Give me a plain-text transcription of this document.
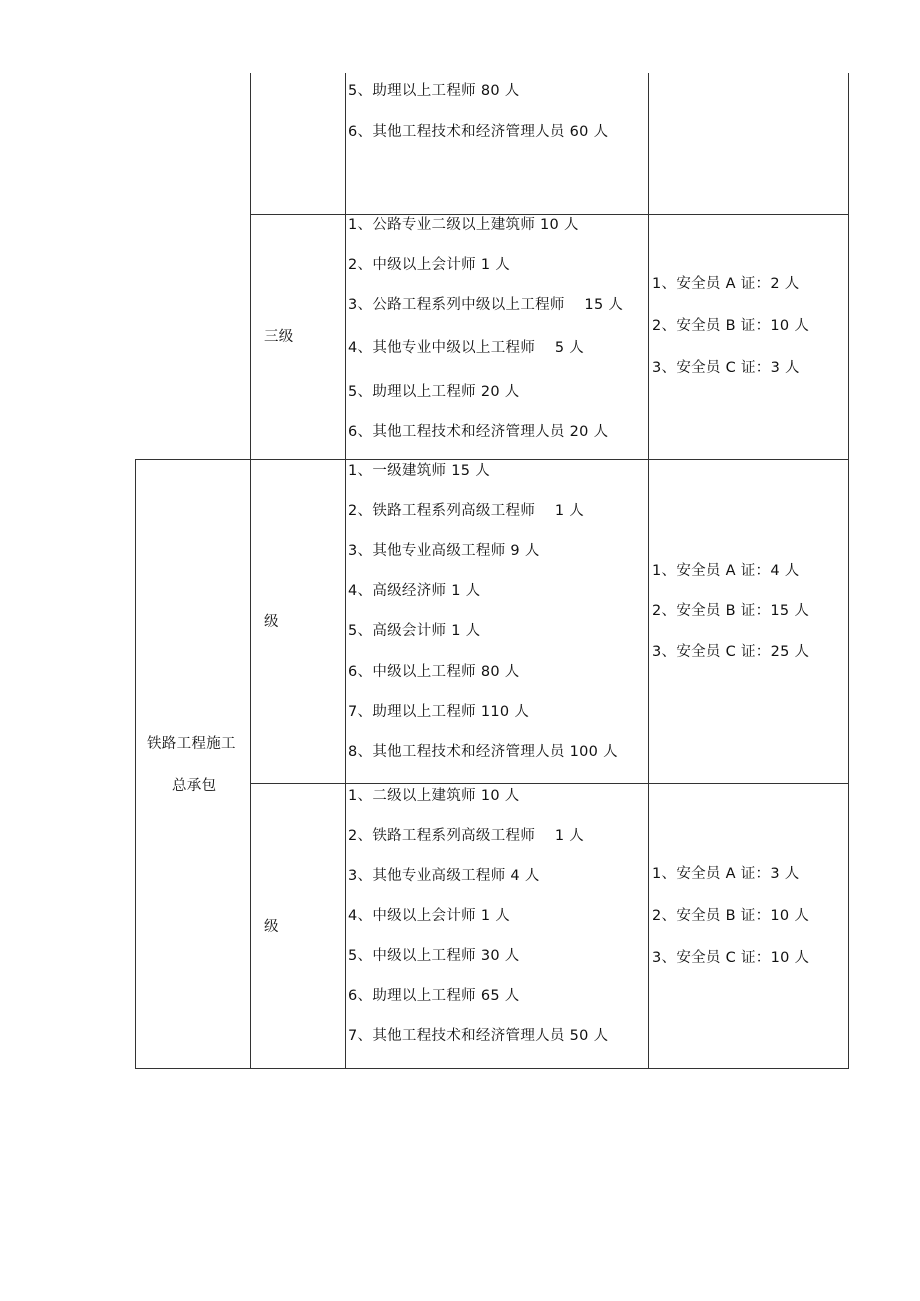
5、助理以上工程师 80 人
6、其他工程技术和经济管理人员 60 人
三级
1、公路专业二级以上建筑师 10 人
2、中级以上会计师 1 人
3、公路工程系列中级以上工程师　 15 人
4、其他专业中级以上工程师　 5 人
5、助理以上工程师 20 人
6、其他工程技术和经济管理人员 20 人
1、安全员 A 证：2 人
2、安全员 B 证：10 人
3、安全员 C 证：3 人
铁路工程施工
总承包
级
1、一级建筑师 15 人
2、铁路工程系列高级工程师　 1 人
3、其他专业高级工程师 9 人
4、高级经济师 1 人
5、高级会计师 1 人
6、中级以上工程师 80 人
7、助理以上工程师 110 人
8、其他工程技术和经济管理人员 100 人
1、安全员 A 证：4 人
2、安全员 B 证：15 人
3、安全员 C 证：25 人
级
1、二级以上建筑师 10 人
2、铁路工程系列高级工程师　 1 人
3、其他专业高级工程师 4 人
4、中级以上会计师 1 人
5、中级以上工程师 30 人
6、助理以上工程师 65 人
7、其他工程技术和经济管理人员 50 人
1、安全员 A 证：3 人
2、安全员 B 证：10 人
3、安全员 C 证：10 人
